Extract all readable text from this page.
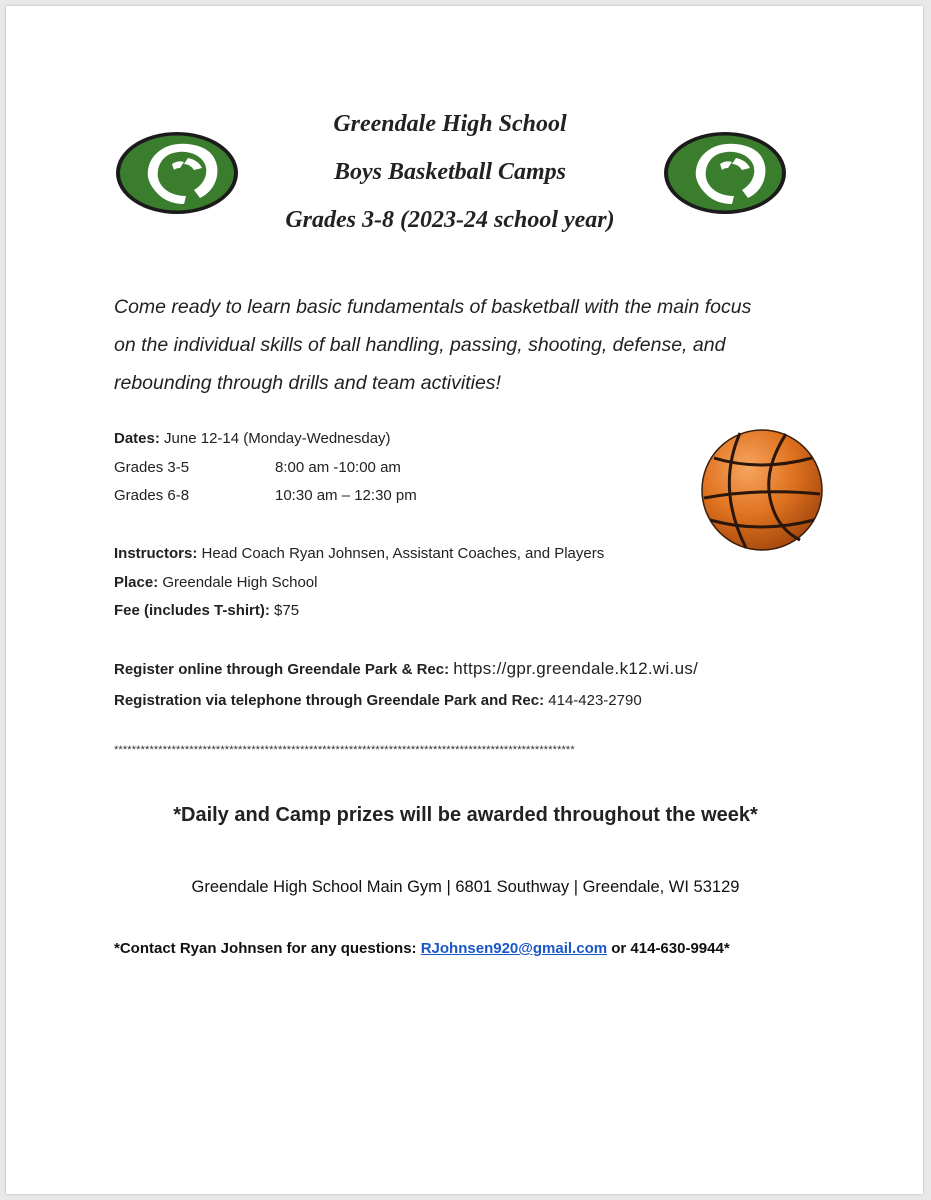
Greendale High School

Boys Basketball Camps

Grades 3-8 (2023-24 school year)

Come ready to learn basic fundamentals of basketball with the main focus
on the individual skills of ball handling, passing, shooting, defense, and
rebounding through drills and team activities!
Dates: June 12-14 (Monday-Wednesday)
Grades 3-5	8:00 am -10:00 am
Grades 6-8	10:30 am – 12:30 pm
Instructors: Head Coach Ryan Johnsen, Assistant Coaches, and Players
Place: Greendale High School
Fee (includes T-shirt): $75
Register online through Greendale Park & Rec: https://gpr.greendale.k12.wi.us/
Registration via telephone through Greendale Park and Rec: 414-423-2790
********************************************************************************************************
*Daily and Camp prizes will be awarded throughout the week*
Greendale High School Main Gym | 6801 Southway | Greendale, WI 53129
*Contact Ryan Johnsen for any questions: RJohnsen920@gmail.com or 414-630-9944*
